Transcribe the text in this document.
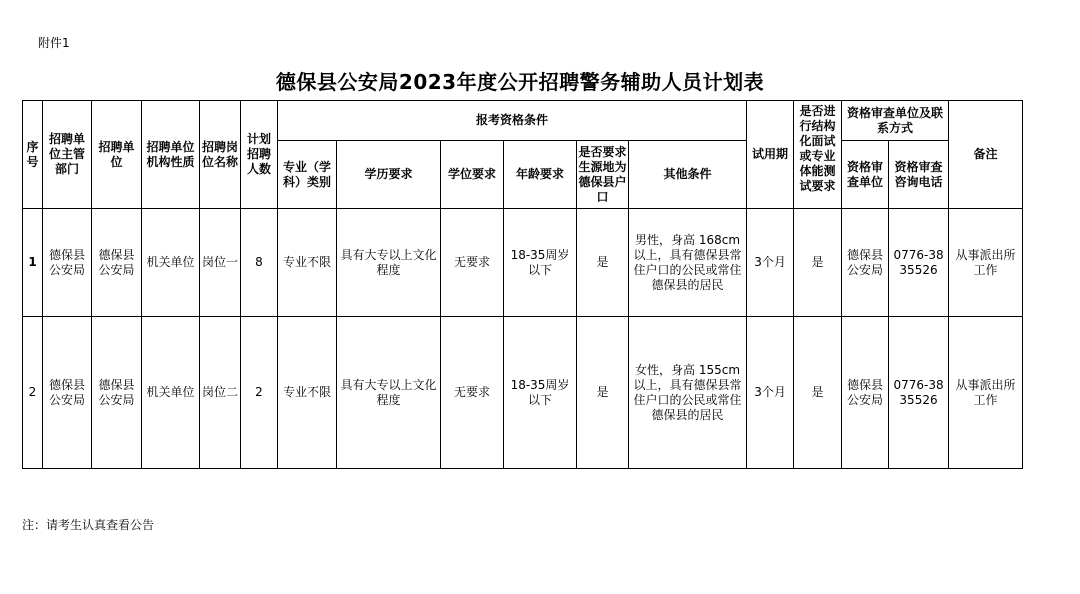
附件1
德保县公安局2023年度公开招聘警务辅助人员计划表
序号	招聘单位主管部门	招聘单位	招聘单位机构性质	招聘岗位名称	计划招聘人数	报考资格条件						试用期	是否进行结构化面试或专业体能测试要求	资格审查单位及联系方式		备注
						专业（学科）类别	学历要求	学位要求	年龄要求	是否要求生源地为德保县户口	其他条件			资格审查单位	资格审查咨询电话	
1	德保县公安局	德保县公安局	机关单位	岗位一	8	专业不限	具有大专以上文化程度	无要求	18-35周岁以下	是	男性，身高 168cm以上，具有德保县常住户口的公民或常住德保县的居民	3个月	是	德保县公安局	0776-3835526	从事派出所工作
2	德保县公安局	德保县公安局	机关单位	岗位二	2	专业不限	具有大专以上文化程度	无要求	18-35周岁以下	是	女性，身高 155cm以上，具有德保县常住户口的公民或常住德保县的居民	3个月	是	德保县公安局	0776-3835526	从事派出所工作
注：请考生认真查看公告
